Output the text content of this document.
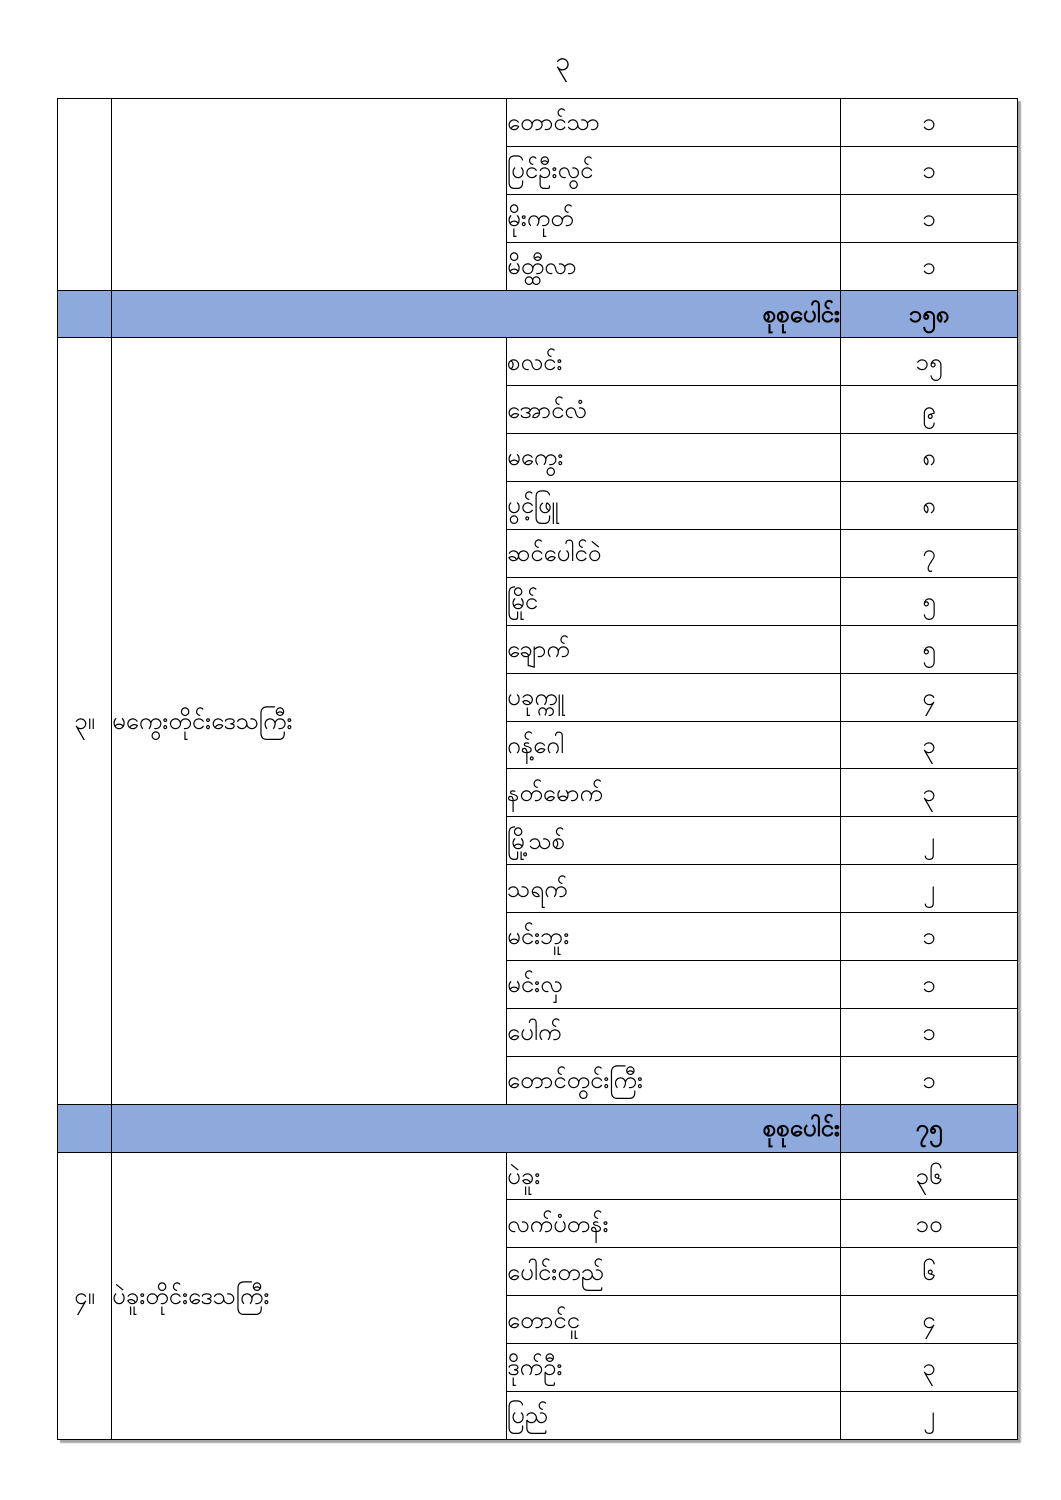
၃
		တောင်သာ	၁
		ပြင်ဦးလွင်	၁
		မိုးကုတ်	၁
		မိတ္ထီလာ	၁
	စုစုပေါင်း		၁၅၈
၃။	မကွေးတိုင်းဒေသကြီး	စလင်း	၁၅
		အောင်လံ	၉
		မကွေး	၈
		ပွင့်ဖြူ	၈
		ဆင်ပေါင်ဝဲ	၇
		မြိုင်	၅
		ချောက်	၅
		ပခုက္ကူ	၄
		ဂန့်ဂေါ	၃
		နတ်မောက်	၃
		မြို့သစ်	၂
		သရက်	၂
		မင်းဘူး	၁
		မင်းလှ	၁
		ပေါက်	၁
		တောင်တွင်းကြီး	၁
	စုစုပေါင်း		၇၅
၄။	ပဲခူးတိုင်းဒေသကြီး	ပဲခူး	၃၆
		လက်ပံတန်း	၁၀
		ပေါင်းတည်	၆
		တောင်ငူ	၄
		ဒိုက်ဦး	၃
		ပြည်	၂
